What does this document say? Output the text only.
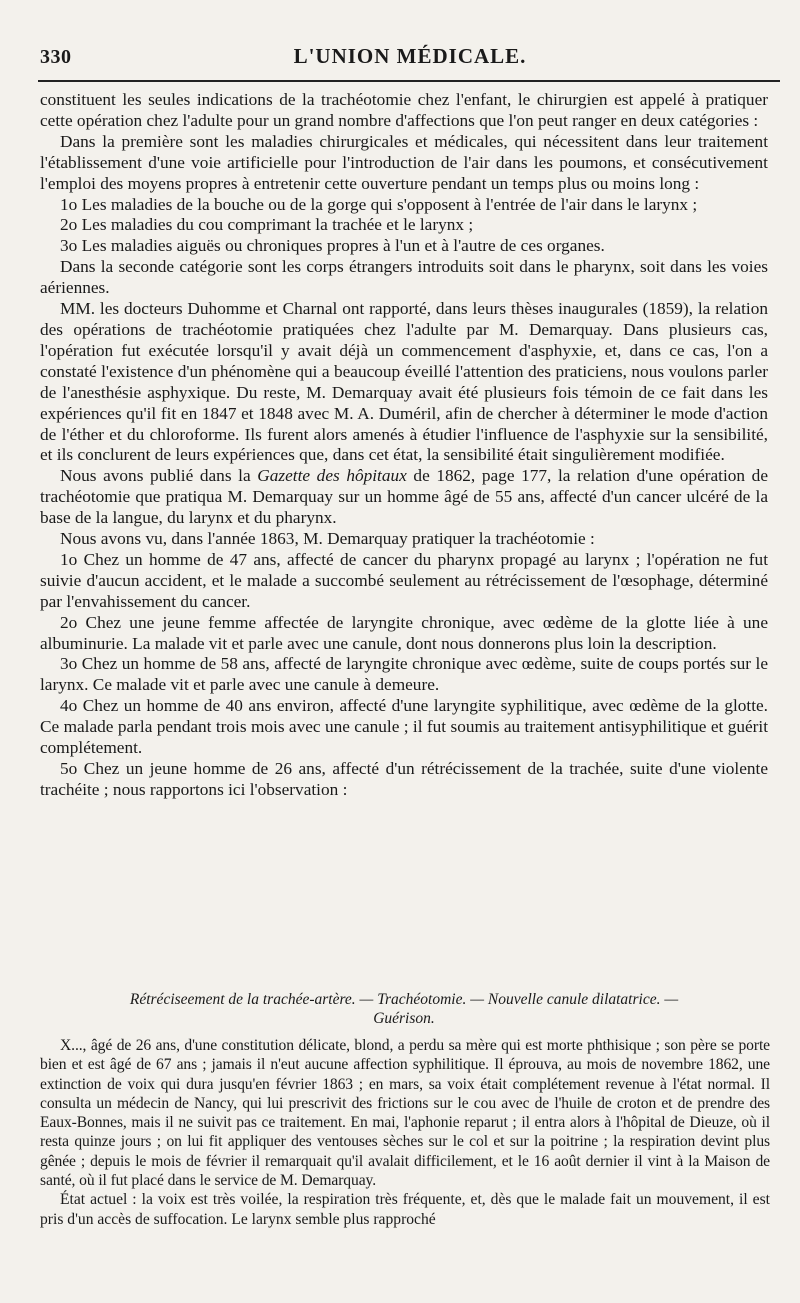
330	L'UNION MÉDICALE.

constituent les seules indications de la trachéotomie chez l'enfant, le chirurgien est appelé à pratiquer cette opération chez l'adulte pour un grand nombre d'affections que l'on peut ranger en deux catégories :

Dans la première sont les maladies chirurgicales et médicales, qui nécessitent dans leur traitement l'établissement d'une voie artificielle pour l'introduction de l'air dans les poumons, et consécutivement l'emploi des moyens propres à entretenir cette ouverture pendant un temps plus ou moins long :

1o Les maladies de la bouche ou de la gorge qui s'opposent à l'entrée de l'air dans le larynx ;

2o Les maladies du cou comprimant la trachée et le larynx ;

3o Les maladies aiguës ou chroniques propres à l'un et à l'autre de ces organes.

Dans la seconde catégorie sont les corps étrangers introduits soit dans le pharynx, soit dans les voies aériennes.

MM. les docteurs Duhomme et Charnal ont rapporté, dans leurs thèses inaugurales (1859), la relation des opérations de trachéotomie pratiquées chez l'adulte par M. Demarquay. Dans plusieurs cas, l'opération fut exécutée lorsqu'il y avait déjà un commencement d'asphyxie, et, dans ce cas, l'on a constaté l'existence d'un phénomène qui a beaucoup éveillé l'attention des praticiens, nous voulons parler de l'anesthésie asphyxique. Du reste, M. Demarquay avait été plusieurs fois témoin de ce fait dans les expériences qu'il fit en 1847 et 1848 avec M. A. Duméril, afin de chercher à déterminer le mode d'action de l'éther et du chloroforme. Ils furent alors amenés à étudier l'influence de l'asphyxie sur la sensibilité, et ils conclurent de leurs expériences que, dans cet état, la sensibilité était singulièrement modifiée.

Nous avons publié dans la Gazette des hôpitaux de 1862, page 177, la relation d'une opération de trachéotomie que pratiqua M. Demarquay sur un homme âgé de 55 ans, affecté d'un cancer ulcéré de la base de la langue, du larynx et du pharynx.

Nous avons vu, dans l'année 1863, M. Demarquay pratiquer la trachéotomie :

1o Chez un homme de 47 ans, affecté de cancer du pharynx propagé au larynx ; l'opération ne fut suivie d'aucun accident, et le malade a succombé seulement au rétrécissement de l'œsophage, déterminé par l'envahissement du cancer.

2o Chez une jeune femme affectée de laryngite chronique, avec œdème de la glotte liée à une albuminurie. La malade vit et parle avec une canule, dont nous donnerons plus loin la description.

3o Chez un homme de 58 ans, affecté de laryngite chronique avec œdème, suite de coups portés sur le larynx. Ce malade vit et parle avec une canule à demeure.

4o Chez un homme de 40 ans environ, affecté d'une laryngite syphilitique, avec œdème de la glotte. Ce malade parla pendant trois mois avec une canule ; il fut soumis au traitement antisyphilitique et guérit complétement.

5o Chez un jeune homme de 26 ans, affecté d'un rétrécissement de la trachée, suite d'une violente trachéite ; nous rapportons ici l'observation :

Rétréciseement de la trachée-artère. — Trachéotomie. — Nouvelle canule dilatatrice. —
Guérison.

X..., âgé de 26 ans, d'une constitution délicate, blond, a perdu sa mère qui est morte phthisique ; son père se porte bien et est âgé de 67 ans ; jamais il n'eut aucune affection syphilitique. Il éprouva, au mois de novembre 1862, une extinction de voix qui dura jusqu'en février 1863 ; en mars, sa voix était complétement revenue à l'état normal. Il consulta un médecin de Nancy, qui lui prescrivit des frictions sur le cou avec de l'huile de croton et de prendre des Eaux-Bonnes, mais il ne suivit pas ce traitement. En mai, l'aphonie reparut ; il entra alors à l'hôpital de Dieuze, où il resta quinze jours ; on lui fit appliquer des ventouses sèches sur le col et sur la poitrine ; la respiration devint plus gênée ; depuis le mois de février il remarquait qu'il avalait difficilement, et le 16 août dernier il vint à la Maison de santé, où il fut placé dans le service de M. Demarquay.

État actuel : la voix est très voilée, la respiration très fréquente, et, dès que le malade fait un mouvement, il est pris d'un accès de suffocation. Le larynx semble plus rapproché
